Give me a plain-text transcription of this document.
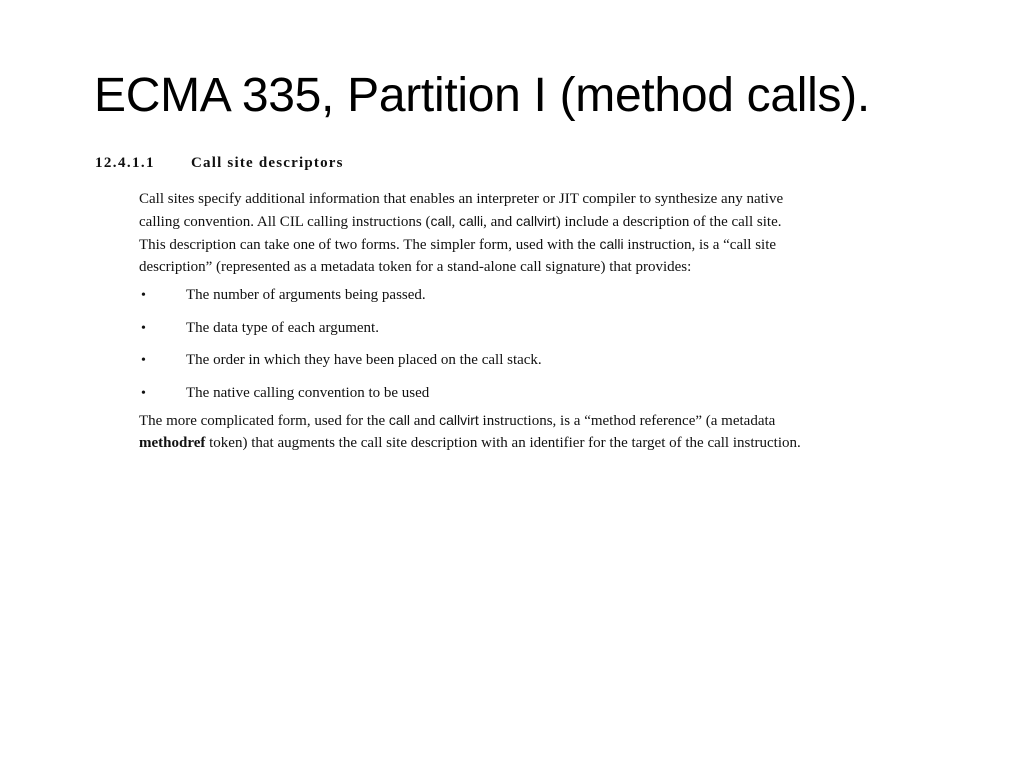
ECMA 335, Partition I (method calls).
12.4.1.1	Call site descriptors
Call sites specify additional information that enables an interpreter or JIT compiler to synthesize any native
calling convention. All CIL calling instructions (call, calli, and callvirt) include a description of the call site.
This description can take one of two forms. The simpler form, used with the calli instruction, is a “call site
description” (represented as a metadata token for a stand-alone call signature) that provides:
•	The number of arguments being passed.
•	The data type of each argument.
•	The order in which they have been placed on the call stack.
•	The native calling convention to be used
The more complicated form, used for the call and callvirt instructions, is a “method reference” (a metadata
methodref token) that augments the call site description with an identifier for the target of the call instruction.
